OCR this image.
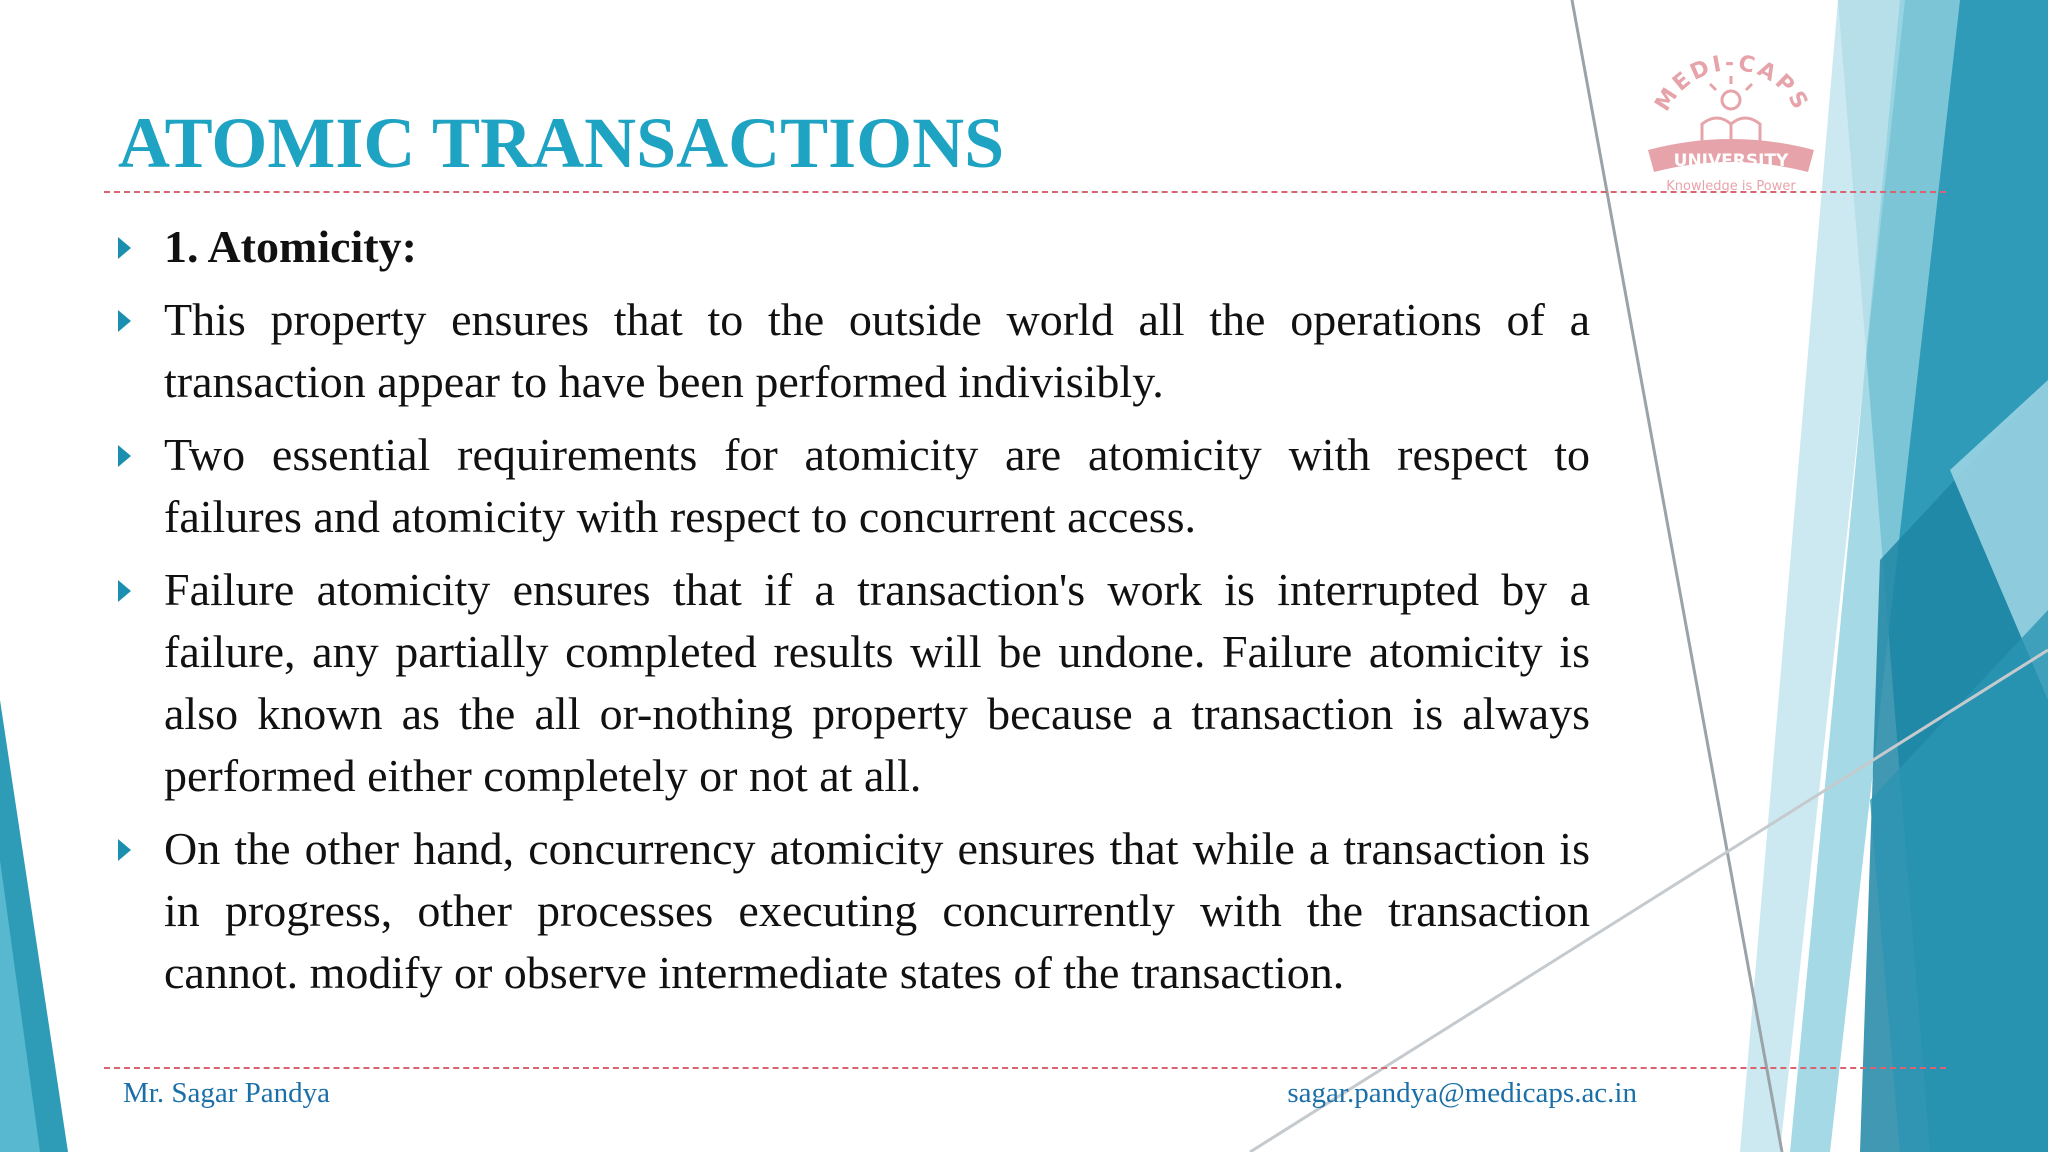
MEDI-CAPS
UNIVERSITY
Knowledge is Power
ATOMIC TRANSACTIONS
1. Atomicity:
This property ensures that to the outside world all the operations of a transaction appear to have been performed indivisibly.
Two essential requirements for atomicity are atomicity with respect to failures and atomicity with respect to concurrent access.
Failure atomicity ensures that if a transaction's work is interrupted by a failure, any partially completed results will be undone. Failure atomicity is also known as the all or-nothing property because a transaction is always performed either completely or not at all.
On the other hand, concurrency atomicity ensures that while a transaction is in progress, other processes executing concurrently with the transaction cannot. modify or observe intermediate states of the transaction.
Mr. Sagar Pandya	sagar.pandya@medicaps.ac.in
